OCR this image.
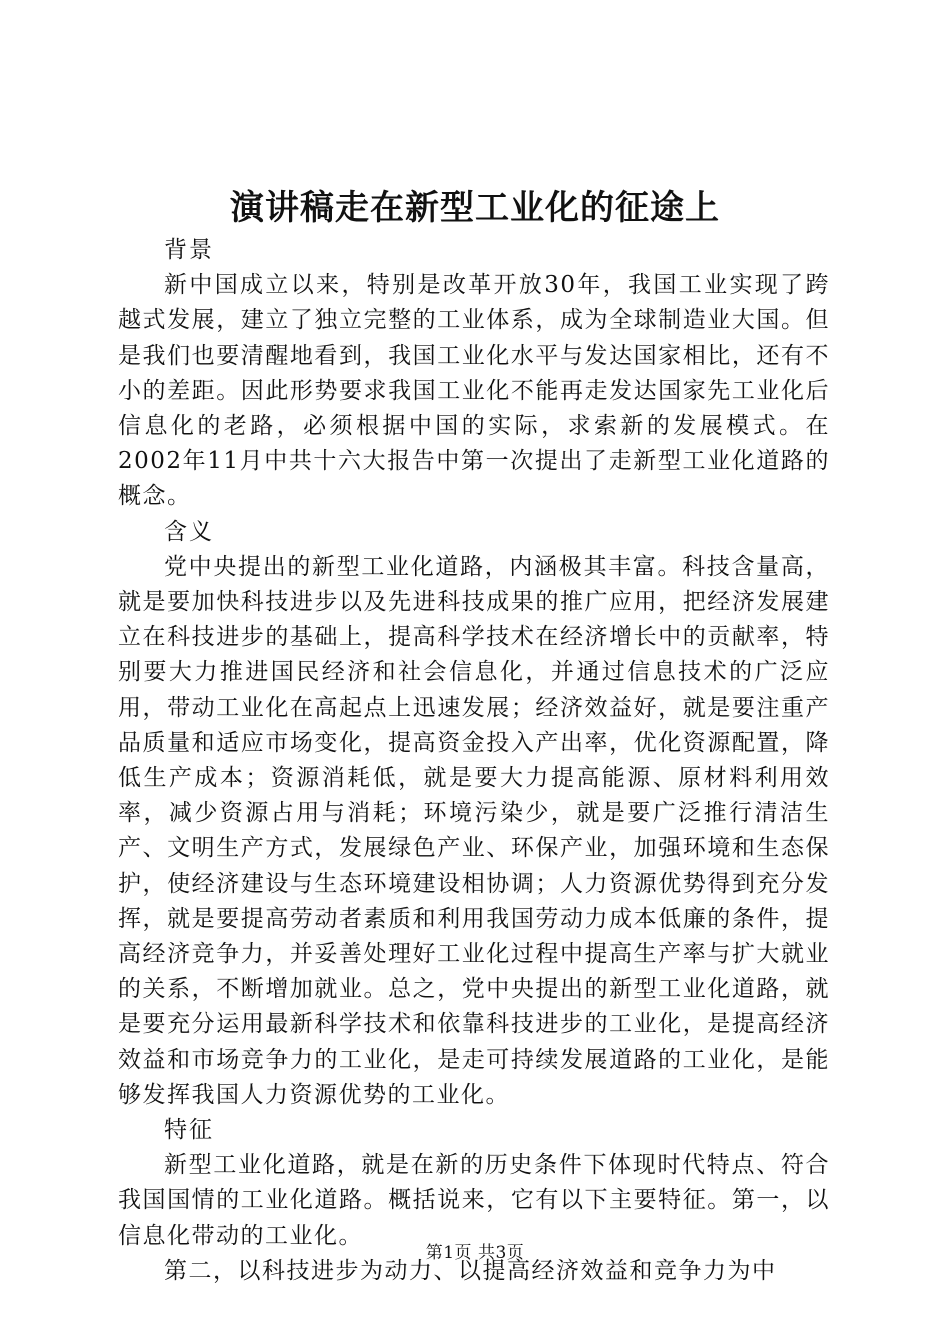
演讲稿走在新型工业化的征途上

背景

新中国成立以来，特别是改革开放30年，我国工业实现了跨越式发展，建立了独立完整的工业体系，成为全球制造业大国。但是我们也要清醒地看到，我国工业化水平与发达国家相比，还有不小的差距。因此形势要求我国工业化不能再走发达国家先工业化后信息化的老路，必须根据中国的实际，求索新的发展模式。在2002年11月中共十六大报告中第一次提出了走新型工业化道路的概念。

含义

党中央提出的新型工业化道路，内涵极其丰富。科技含量高，就是要加快科技进步以及先进科技成果的推广应用，把经济发展建立在科技进步的基础上，提高科学技术在经济增长中的贡献率，特别要大力推进国民经济和社会信息化，并通过信息技术的广泛应用，带动工业化在高起点上迅速发展；经济效益好，就是要注重产品质量和适应市场变化，提高资金投入产出率，优化资源配置，降低生产成本；资源消耗低，就是要大力提高能源、原材料利用效率，减少资源占用与消耗；环境污染少，就是要广泛推行清洁生产、文明生产方式，发展绿色产业、环保产业，加强环境和生态保护，使经济建设与生态环境建设相协调；人力资源优势得到充分发挥，就是要提高劳动者素质和利用我国劳动力成本低廉的条件，提高经济竞争力，并妥善处理好工业化过程中提高生产率与扩大就业的关系，不断增加就业。总之，党中央提出的新型工业化道路，就是要充分运用最新科学技术和依靠科技进步的工业化，是提高经济效益和市场竞争力的工业化，是走可持续发展道路的工业化，是能够发挥我国人力资源优势的工业化。

特征

新型工业化道路，就是在新的历史条件下体现时代特点、符合我国国情的工业化道路。概括说来，它有以下主要特征。第一，以信息化带动的工业化。

第二，以科技进步为动力、以提高经济效益和竞争力为中

第1页 共3页
